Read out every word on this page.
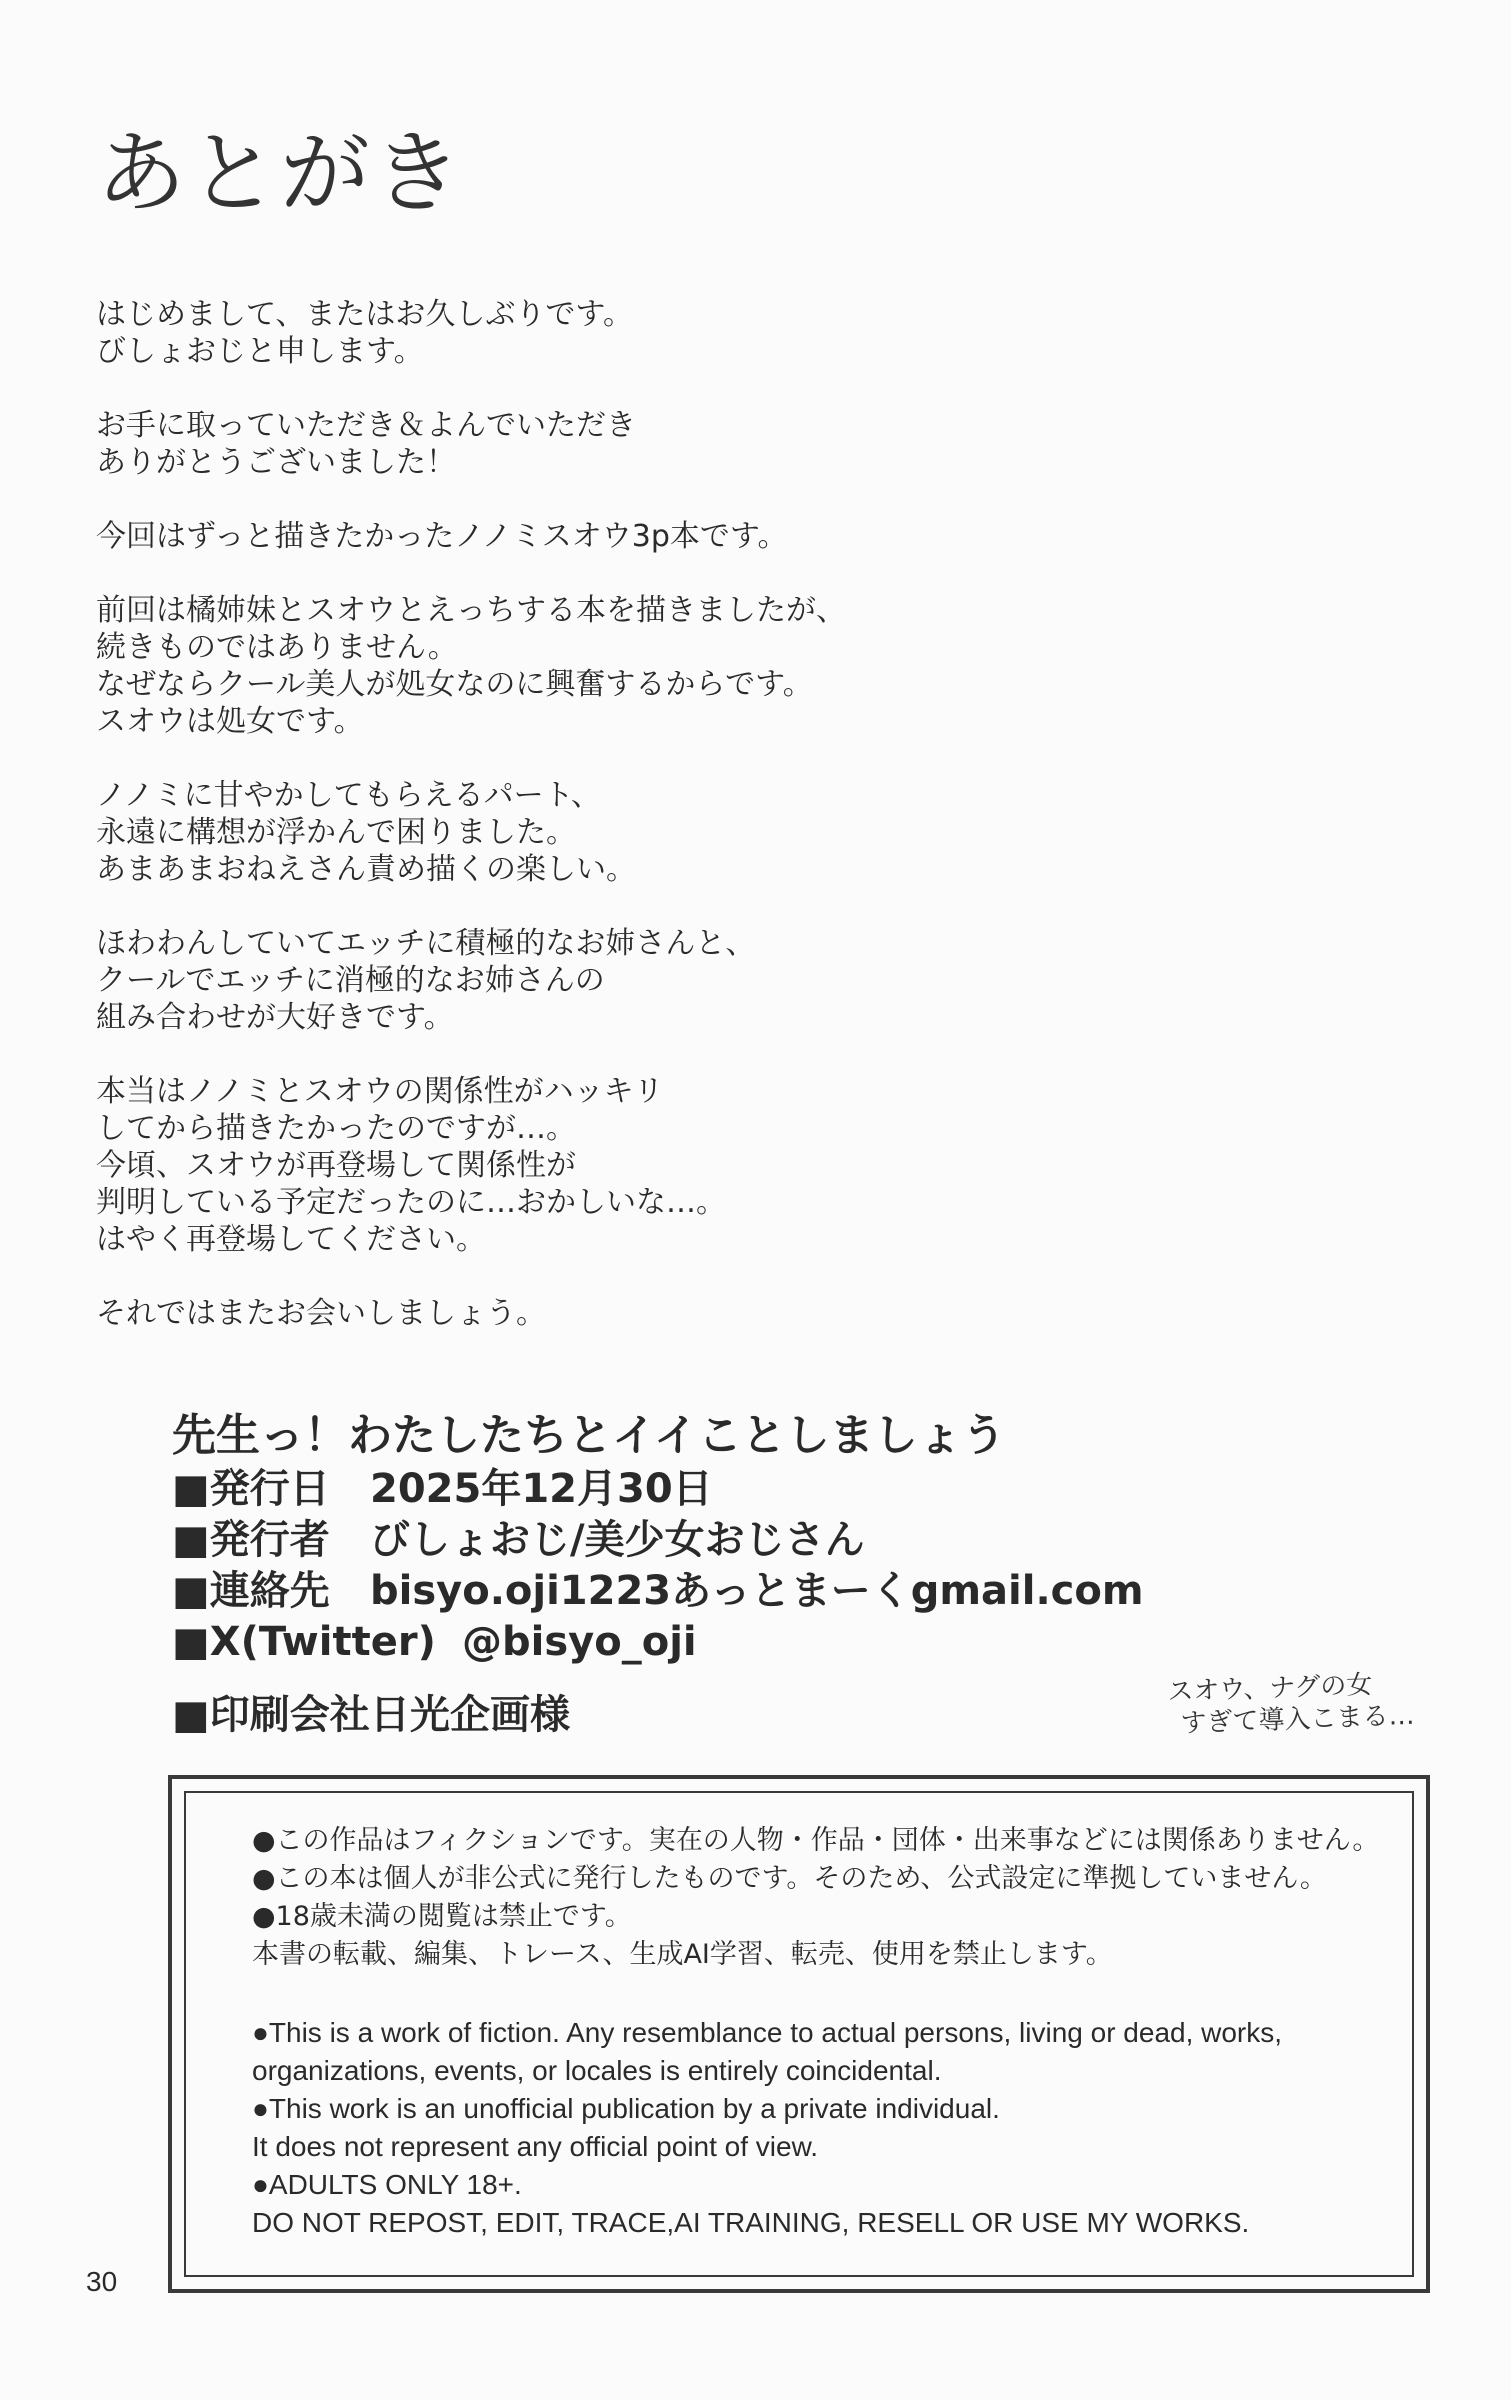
あとがき
はじめまして、またはお久しぶりです。
びしょおじと申します。
お手に取っていただき＆よんでいただき
ありがとうございました！
今回はずっと描きたかったノノミスオウ3p本です。
前回は橘姉妹とスオウとえっちする本を描きましたが、
続きものではありません。
なぜならクール美人が処女なのに興奮するからです。
スオウは処女です。
ノノミに甘やかしてもらえるパート、
永遠に構想が浮かんで困りました。
あまあまおねえさん責め描くの楽しい。
ほわわんしていてエッチに積極的なお姉さんと、
クールでエッチに消極的なお姉さんの
組み合わせが大好きです。
本当はノノミとスオウの関係性がハッキリ
してから描きたかったのですが…。
今頃、スオウが再登場して関係性が
判明している予定だったのに…おかしいな…。
はやく再登場してください。
それではまたお会いしましょう。
先生っ！わたしたちとイイことしましょう
■発行日	2025年12月30日
■発行者	びしょおじ/美少女おじさん
■連絡先	bisyo.oji1223あっとまーくgmail.com
■X(Twitter) @bisyo_oji
■印刷会社 日光企画様
スオウ、ナグの女
すぎて導入こまる…
●この作品はフィクションです。実在の人物・作品・団体・出来事などには関係ありません。
●この本は個人が非公式に発行したものです。そのため、公式設定に準拠していません。
●18歳未満の閲覧は禁止です。
本書の転載、編集、トレース、生成AI学習、転売、使用を禁止します。
●This is a work of fiction. Any resemblance to actual persons, living or dead, works,
organizations, events, or locales is entirely coincidental.
●This work is an unofficial publication by a private individual.
It does not represent any official point of view.
●ADULTS ONLY 18+.
DO NOT REPOST, EDIT, TRACE,AI TRAINING, RESELL OR USE MY WORKS.
30
